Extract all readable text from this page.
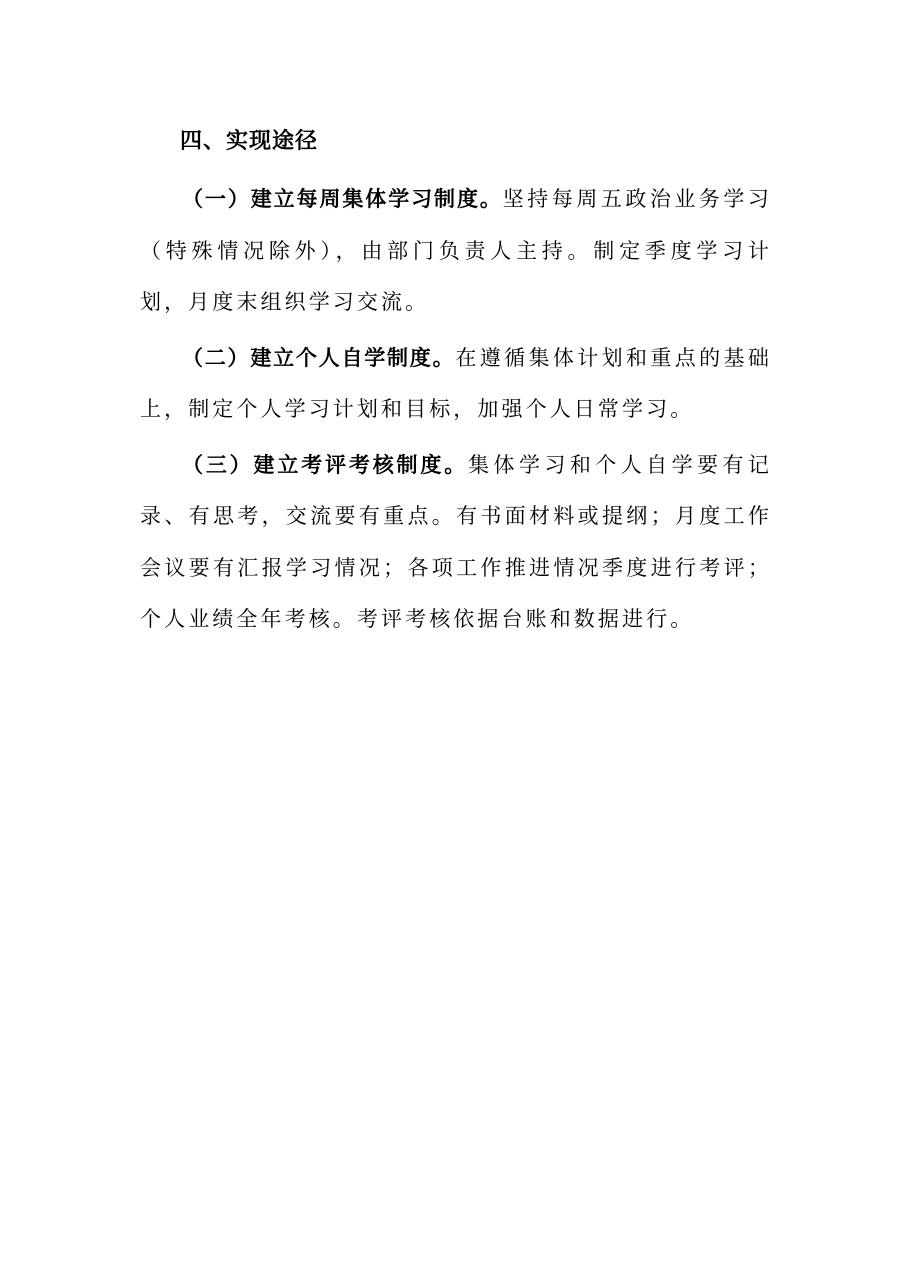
四、实现途径

（一）建立每周集体学习制度。坚持每周五政治业务学习（特殊情况除外），由部门负责人主持。制定季度学习计划，月度末组织学习交流。

（二）建立个人自学制度。在遵循集体计划和重点的基础上，制定个人学习计划和目标，加强个人日常学习。

（三）建立考评考核制度。集体学习和个人自学要有记录、有思考，交流要有重点。有书面材料或提纲；月度工作会议要有汇报学习情况；各项工作推进情况季度进行考评；个人业绩全年考核。考评考核依据台账和数据进行。
